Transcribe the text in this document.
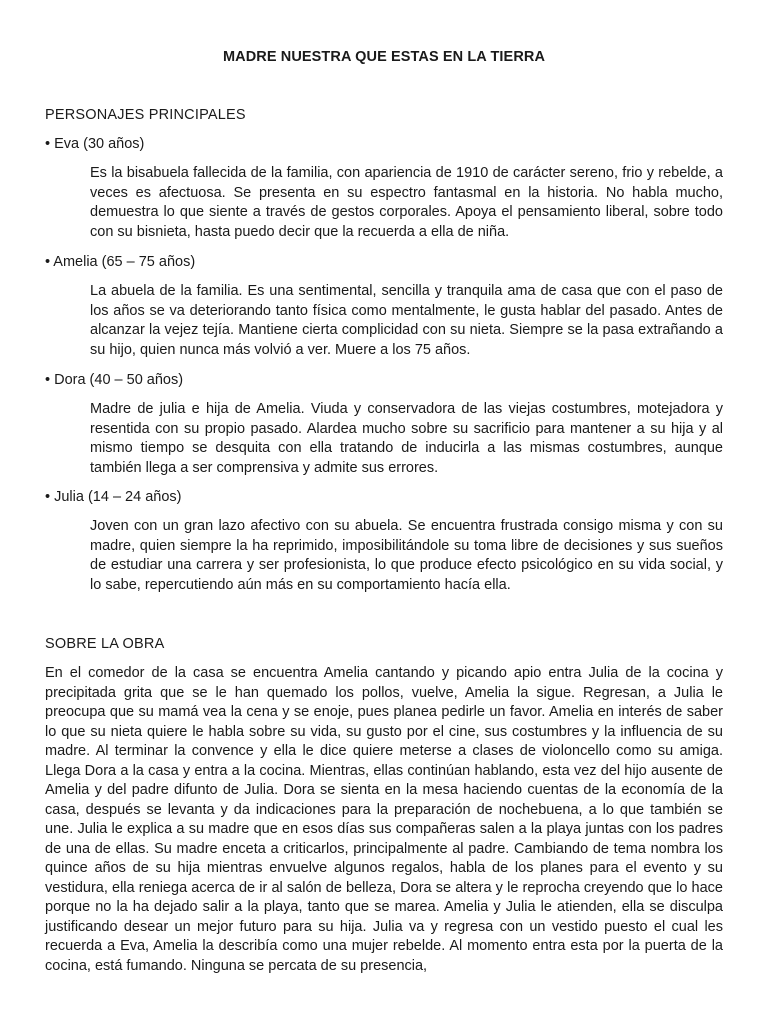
MADRE NUESTRA QUE ESTAS EN LA TIERRA
PERSONAJES PRINCIPALES
• Eva (30 años)
Es la bisabuela fallecida de la familia, con apariencia de 1910 de carácter sereno, frio y rebelde, a veces es afectuosa. Se presenta en su espectro fantasmal en la historia. No habla mucho, demuestra lo que siente a través de gestos corporales. Apoya el pensamiento liberal, sobre todo con su bisnieta, hasta puedo decir que la recuerda a ella de niña.
• Amelia (65 – 75 años)
La abuela de la familia. Es una sentimental, sencilla y tranquila ama de casa que con el paso de los años se va deteriorando tanto física como mentalmente, le gusta hablar del pasado. Antes de alcanzar la vejez tejía. Mantiene cierta complicidad con su nieta. Siempre se la pasa extrañando a su hijo, quien nunca más volvió a ver. Muere a los 75 años.
• Dora (40 – 50 años)
Madre de julia e hija de Amelia. Viuda y conservadora de las viejas costumbres, motejadora y resentida con su propio pasado. Alardea mucho sobre su sacrificio para mantener a su hija y al mismo tiempo se desquita con ella tratando de inducirla a las mismas costumbres, aunque también llega a ser comprensiva y admite sus errores.
• Julia (14 – 24 años)
Joven con un gran lazo afectivo con su abuela. Se encuentra frustrada consigo misma y con su madre, quien siempre la ha reprimido, imposibilitándole su toma libre de decisiones y sus sueños de estudiar una carrera y ser profesionista, lo que produce efecto psicológico en su vida social, y lo sabe, repercutiendo aún más en su comportamiento hacía ella.
SOBRE LA OBRA
En el comedor de la casa se encuentra Amelia cantando y picando apio entra Julia de la cocina y precipitada grita que se le han quemado los pollos, vuelve, Amelia la sigue. Regresan, a Julia le preocupa que su mamá vea la cena y se enoje, pues planea pedirle un favor. Amelia en interés de saber lo que su nieta quiere le habla sobre su vida, su gusto por el cine, sus costumbres y la influencia de su madre. Al terminar la convence y ella le dice quiere meterse a clases de violoncello como su amiga. Llega Dora a la casa y entra a la cocina. Mientras, ellas continúan hablando, esta vez del hijo ausente de Amelia y del padre difunto de Julia. Dora se sienta en la mesa haciendo cuentas de la economía de la casa, después se levanta y da indicaciones para la preparación de nochebuena, a lo que también se une. Julia le explica a su madre que en esos días sus compañeras salen a la playa juntas con los padres de una de ellas. Su madre enceta a criticarlos, principalmente al padre. Cambiando de tema nombra los quince años de su hija mientras envuelve algunos regalos, habla de los planes para el evento y su vestidura, ella reniega acerca de ir al salón de belleza, Dora se altera y le reprocha creyendo que lo hace porque no la ha dejado salir a la playa, tanto que se marea. Amelia y Julia le atienden, ella se disculpa justificando desear un mejor futuro para su hija. Julia va y regresa con un vestido puesto el cual les recuerda a Eva, Amelia la describía como una mujer rebelde. Al momento entra esta por la puerta de la cocina, está fumando. Ninguna se percata de su presencia,
